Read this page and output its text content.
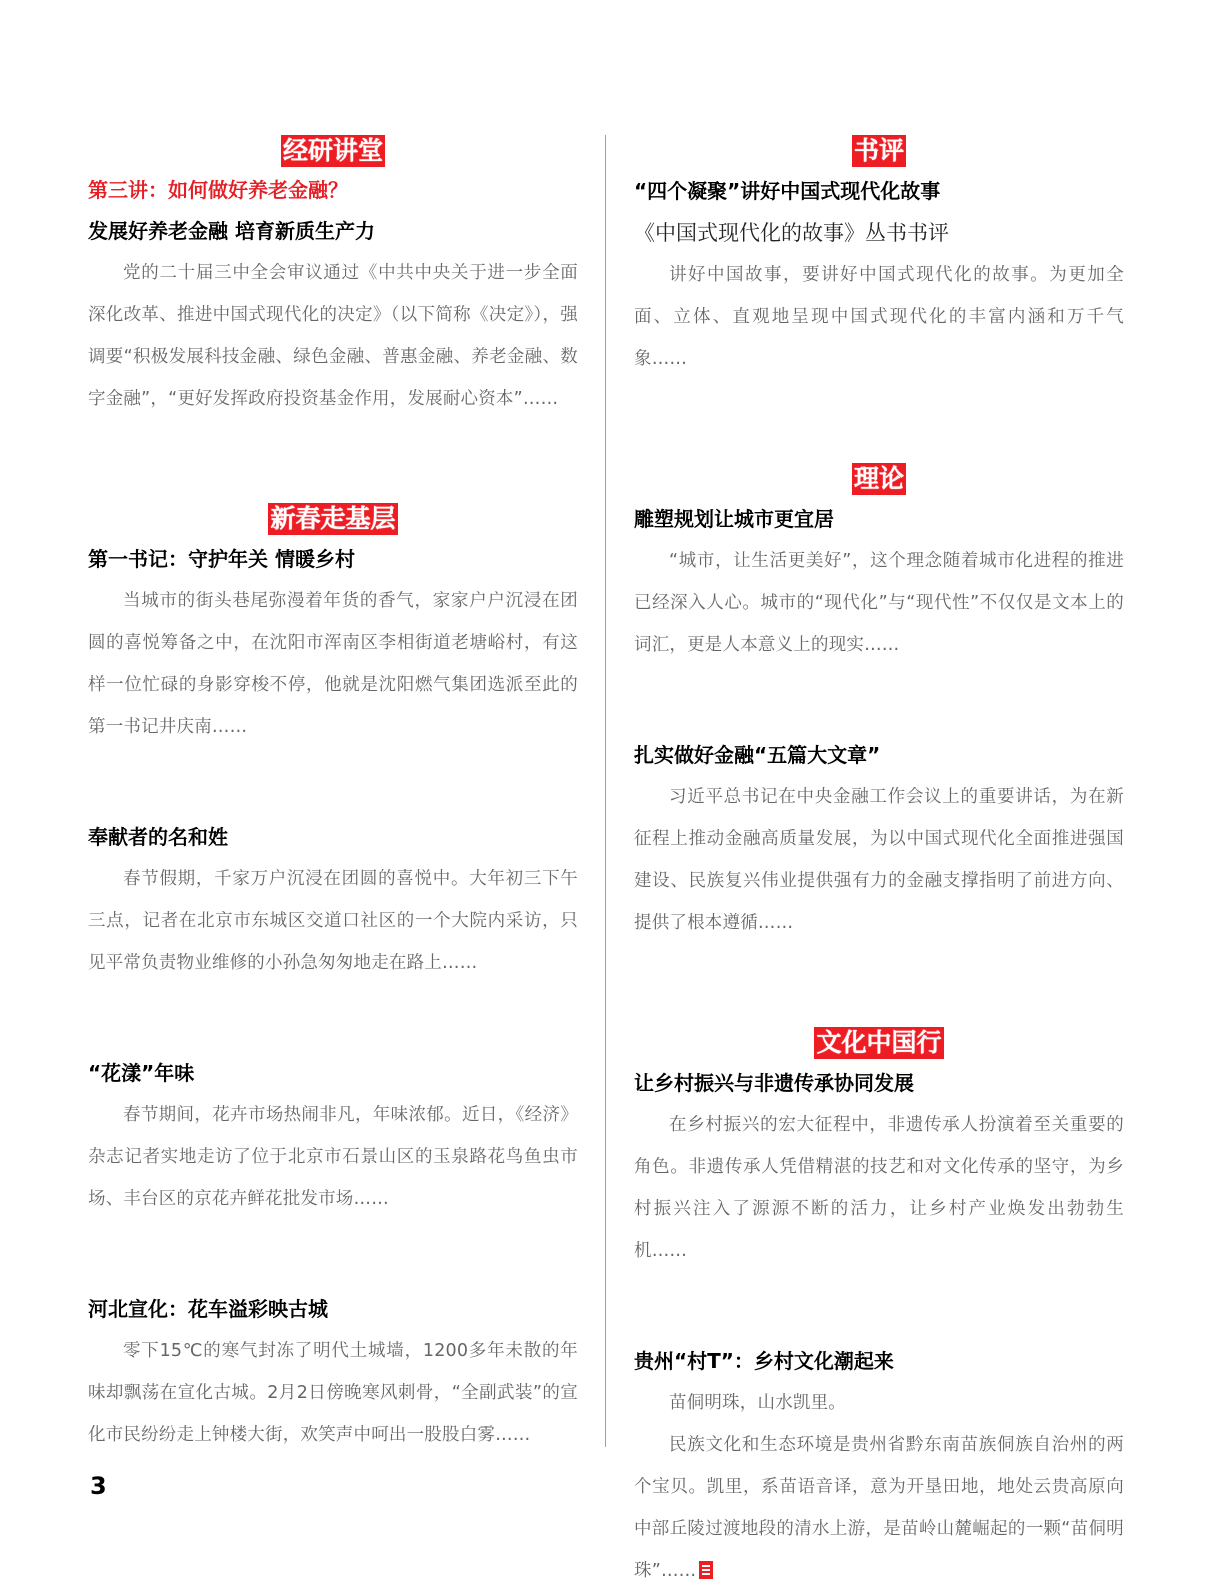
经研讲堂
第三讲：如何做好养老金融？
发展好养老金融 培育新质生产力

党的二十届三中全会审议通过《中共中央关于进一步全面深化改革、推进中国式现代化的决定》（以下简称《决定》），强调要“积极发展科技金融、绿色金融、普惠金融、养老金融、数字金融”，“更好发挥政府投资基金作用，发展耐心资本”……

新春走基层
第一书记：守护年关 情暖乡村

当城市的街头巷尾弥漫着年货的香气，家家户户沉浸在团圆的喜悦筹备之中，在沈阳市浑南区李相街道老塘峪村，有这样一位忙碌的身影穿梭不停，他就是沈阳燃气集团选派至此的第一书记井庆南……

奉献者的名和姓

春节假期，千家万户沉浸在团圆的喜悦中。大年初三下午三点，记者在北京市东城区交道口社区的一个大院内采访，只见平常负责物业维修的小孙急匆匆地走在路上……

“花漾”年味

春节期间，花卉市场热闹非凡，年味浓郁。近日，《经济》杂志记者实地走访了位于北京市石景山区的玉泉路花鸟鱼虫市场、丰台区的京花卉鲜花批发市场……

河北宣化：花车溢彩映古城

零下15℃的寒气封冻了明代土城墙，1200多年未散的年味却飘荡在宣化古城。2月2日傍晚寒风刺骨，“全副武装”的宣化市民纷纷走上钟楼大街，欢笑声中呵出一股股白雾……

书评
“四个凝聚”讲好中国式现代化故事
《中国式现代化的故事》丛书书评

讲好中国故事，要讲好中国式现代化的故事。为更加全面、立体、直观地呈现中国式现代化的丰富内涵和万千气象……

理论
雕塑规划让城市更宜居

“城市，让生活更美好”，这个理念随着城市化进程的推进已经深入人心。城市的“现代化”与“现代性”不仅仅是文本上的词汇，更是人本意义上的现实……

扎实做好金融“五篇大文章”

习近平总书记在中央金融工作会议上的重要讲话，为在新征程上推动金融高质量发展，为以中国式现代化全面推进强国建设、民族复兴伟业提供强有力的金融支撑指明了前进方向、提供了根本遵循……

文化中国行
让乡村振兴与非遗传承协同发展

在乡村振兴的宏大征程中，非遗传承人扮演着至关重要的角色。非遗传承人凭借精湛的技艺和对文化传承的坚守，为乡村振兴注入了源源不断的活力，让乡村产业焕发出勃勃生机……

贵州“村T”：乡村文化潮起来

苗侗明珠，山水凯里。

民族文化和生态环境是贵州省黔东南苗族侗族自治州的两个宝贝。凯里，系苗语音译，意为开垦田地，地处云贵高原向中部丘陵过渡地段的清水上游，是苗岭山麓崛起的一颗“苗侗明珠”……

3
